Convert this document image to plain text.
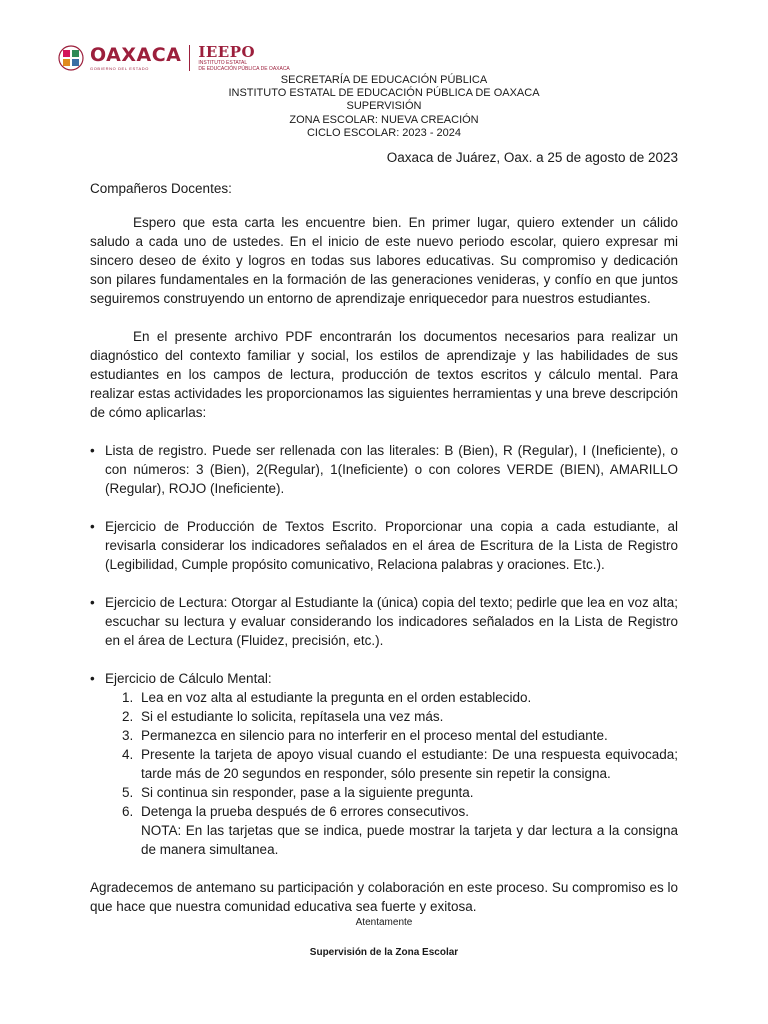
OAXACA
GOBIERNO DEL ESTADO
IEEPO
INSTITUTO ESTATAL
DE EDUCACIÓN PÚBLICA DE OAXACA
SECRETARÍA DE EDUCACIÓN PÚBLICA
INSTITUTO ESTATAL DE EDUCACIÓN PÚBLICA DE OAXACA
SUPERVISIÓN
ZONA ESCOLAR: NUEVA CREACIÓN
CICLO ESCOLAR: 2023 - 2024
Oaxaca de Juárez, Oax. a 25 de agosto de 2023
Compañeros Docentes:

Espero que esta carta les encuentre bien. En primer lugar, quiero extender un cálido saludo a cada uno de ustedes. En el inicio de este nuevo periodo escolar, quiero expresar mi sincero deseo de éxito y logros en todas sus labores educativas. Su compromiso y dedicación son pilares fundamentales en la formación de las generaciones venideras, y confío en que juntos seguiremos construyendo un entorno de aprendizaje enriquecedor para nuestros estudiantes.

En el presente archivo PDF encontrarán los documentos necesarios para realizar un diagnóstico del contexto familiar y social, los estilos de aprendizaje y las habilidades de sus estudiantes en los campos de lectura, producción de textos escritos y cálculo mental. Para realizar estas actividades les proporcionamos las siguientes herramientas y una breve descripción de cómo aplicarlas:

• Lista de registro. Puede ser rellenada con las literales: B (Bien), R (Regular), I (Ineficiente), o con números: 3 (Bien), 2(Regular), 1(Ineficiente) o con colores VERDE (BIEN), AMARILLO (Regular), ROJO (Ineficiente).
• Ejercicio de Producción de Textos Escrito. Proporcionar una copia a cada estudiante, al revisarla considerar los indicadores señalados en el área de Escritura de la Lista de Registro (Legibilidad, Cumple propósito comunicativo, Relaciona palabras y oraciones. Etc.).
• Ejercicio de Lectura: Otorgar al Estudiante la (única) copia del texto; pedirle que lea en voz alta; escuchar su lectura y evaluar considerando los indicadores señalados en la Lista de Registro en el área de Lectura (Fluidez, precisión, etc.).
• Ejercicio de Cálculo Mental:
1. Lea en voz alta al estudiante la pregunta en el orden establecido.
2. Si el estudiante lo solicita, repítasela una vez más.
3. Permanezca en silencio para no interferir en el proceso mental del estudiante.
4. Presente la tarjeta de apoyo visual cuando el estudiante: De una respuesta equivocada; tarde más de 20 segundos en responder, sólo presente sin repetir la consigna.
5. Si continua sin responder, pase a la siguiente pregunta.
6. Detenga la prueba después de 6 errores consecutivos.
NOTA: En las tarjetas que se indica, puede mostrar la tarjeta y dar lectura a la consigna de manera simultanea.
Agradecemos de antemano su participación y colaboración en este proceso. Su compromiso es lo que hace que nuestra comunidad educativa sea fuerte y exitosa.
Atentamente
Supervisión de la Zona Escolar
